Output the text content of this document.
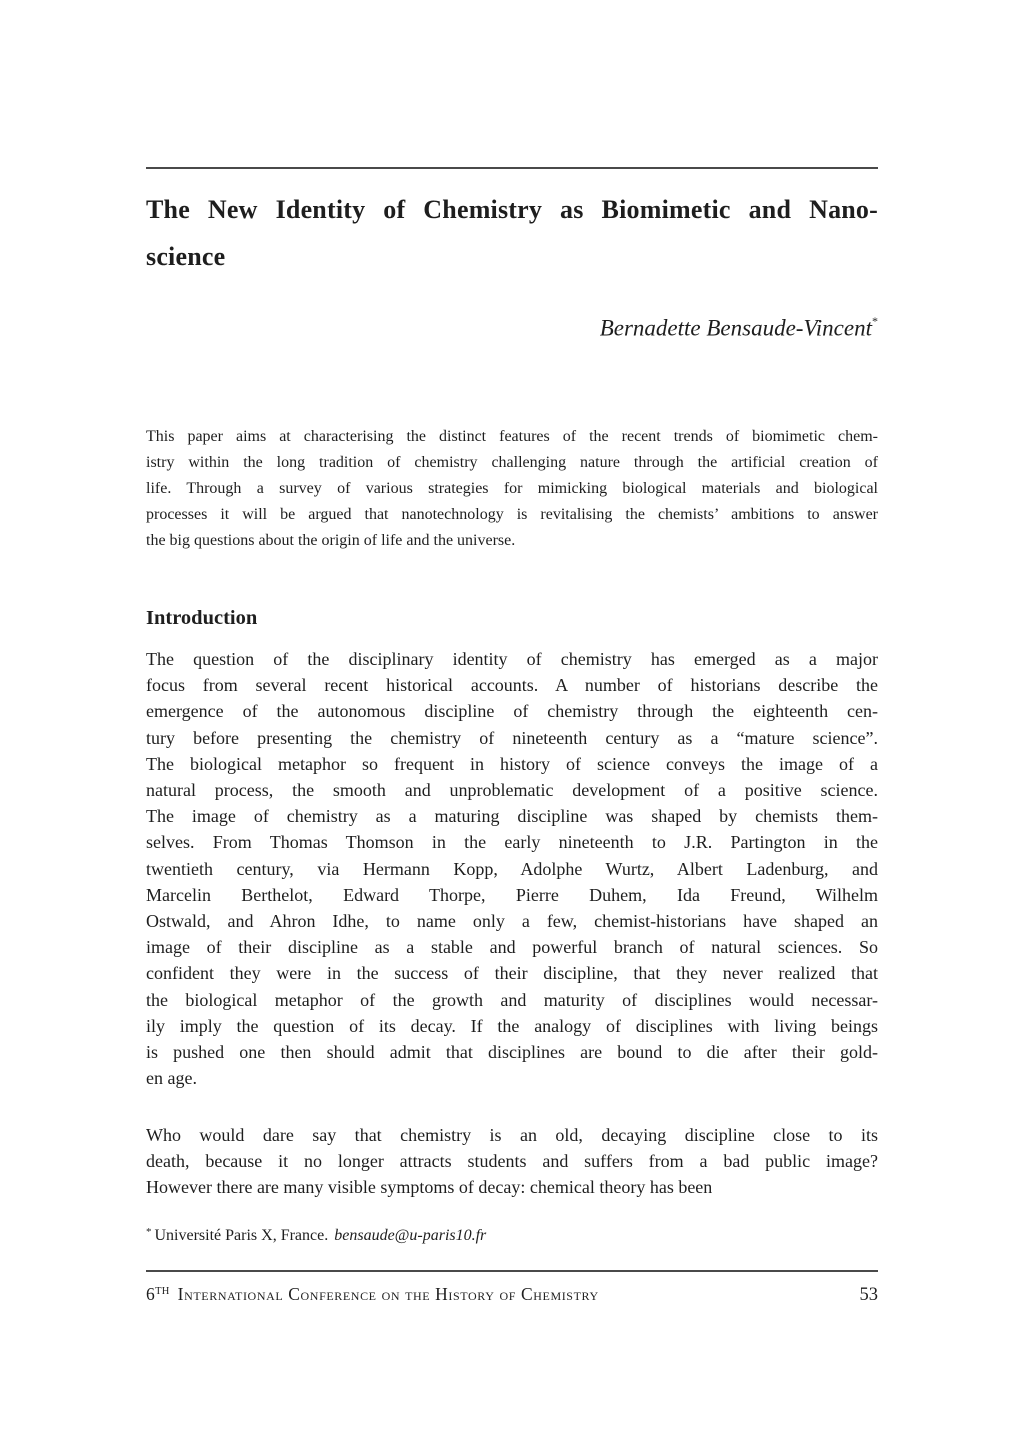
The New Identity of Chemistry as Biomimetic and Nano-
science
Bernadette Bensaude-Vincent*
This paper aims at characterising the distinct features of the recent trends of biomimetic chem-
istry within the long tradition of chemistry challenging nature through the artificial creation of
life. Through a survey of various strategies for mimicking biological materials and biological
processes it will be argued that nanotechnology is revitalising the chemists’ ambitions to answer
the big questions about the origin of life and the universe.
Introduction
The question of the disciplinary identity of chemistry has emerged as a major
focus from several recent historical accounts. A number of historians describe the
emergence of the autonomous discipline of chemistry through the eighteenth cen-
tury before presenting the chemistry of nineteenth century as a “mature science”.
The biological metaphor so frequent in history of science conveys the image of a
natural process, the smooth and unproblematic development of a positive science.
The image of chemistry as a maturing discipline was shaped by chemists them-
selves. From Thomas Thomson in the early nineteenth to J.R. Partington in the
twentieth century, via Hermann Kopp, Adolphe Wurtz, Albert Ladenburg, and
Marcelin Berthelot, Edward Thorpe, Pierre Duhem, Ida Freund, Wilhelm
Ostwald, and Ahron Idhe, to name only a few, chemist-historians have shaped an
image of their discipline as a stable and powerful branch of natural sciences. So
confident they were in the success of their discipline, that they never realized that
the biological metaphor of the growth and maturity of disciplines would necessar-
ily imply the question of its decay. If the analogy of disciplines with living beings
is pushed one then should admit that disciplines are bound to die after their gold-
en age.
Who would dare say that chemistry is an old, decaying discipline close to its
death, because it no longer attracts students and suffers from a bad public image?
However there are many visible symptoms of decay: chemical theory has been
* Université Paris X, France. bensaude@u-paris10.fr
6TH International Conference on the History of Chemistry	53
